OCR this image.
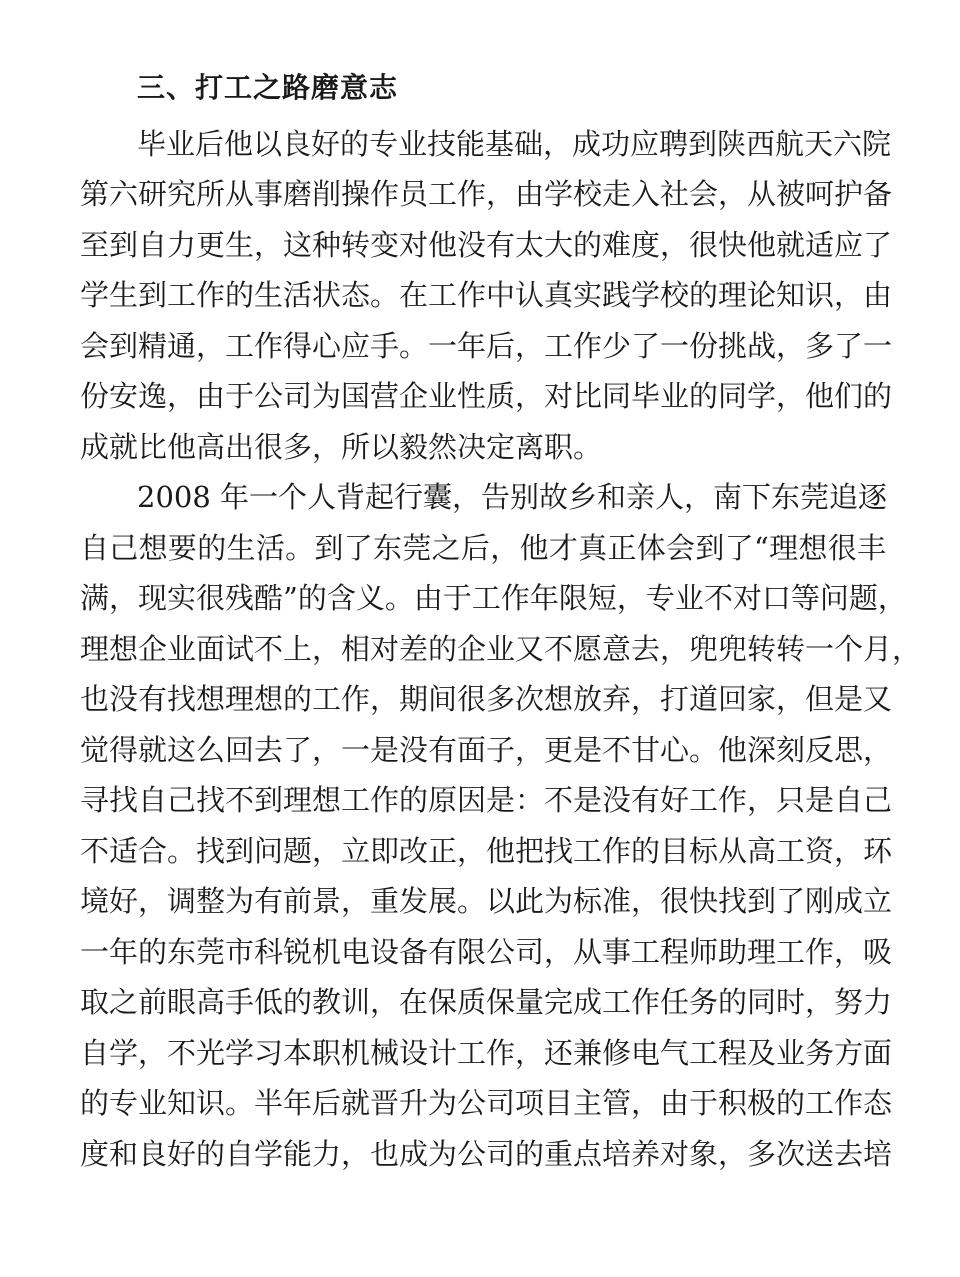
三、打工之路磨意志
毕业后他以良好的专业技能基础，成功应聘到陕西航天六院
第六研究所从事磨削操作员工作，由学校走入社会，从被呵护备
至到自力更生，这种转变对他没有太大的难度，很快他就适应了
学生到工作的生活状态。在工作中认真实践学校的理论知识，由
会到精通，工作得心应手。一年后，工作少了一份挑战，多了一
份安逸，由于公司为国营企业性质，对比同毕业的同学，他们的
成就比他高出很多，所以毅然决定离职。
2008 年一个人背起行囊，告别故乡和亲人，南下东莞追逐
自己想要的生活。到了东莞之后，他才真正体会到了“理想很丰
满，现实很残酷”的含义。由于工作年限短，专业不对口等问题，
理想企业面试不上，相对差的企业又不愿意去，兜兜转转一个月，
也没有找想理想的工作，期间很多次想放弃，打道回家，但是又
觉得就这么回去了，一是没有面子，更是不甘心。他深刻反思，
寻找自己找不到理想工作的原因是：不是没有好工作，只是自己
不适合。找到问题，立即改正，他把找工作的目标从高工资，环
境好，调整为有前景，重发展。以此为标准，很快找到了刚成立
一年的东莞市科锐机电设备有限公司，从事工程师助理工作，吸
取之前眼高手低的教训，在保质保量完成工作任务的同时，努力
自学，不光学习本职机械设计工作，还兼修电气工程及业务方面
的专业知识。半年后就晋升为公司项目主管，由于积极的工作态
度和良好的自学能力，也成为公司的重点培养对象，多次送去培
